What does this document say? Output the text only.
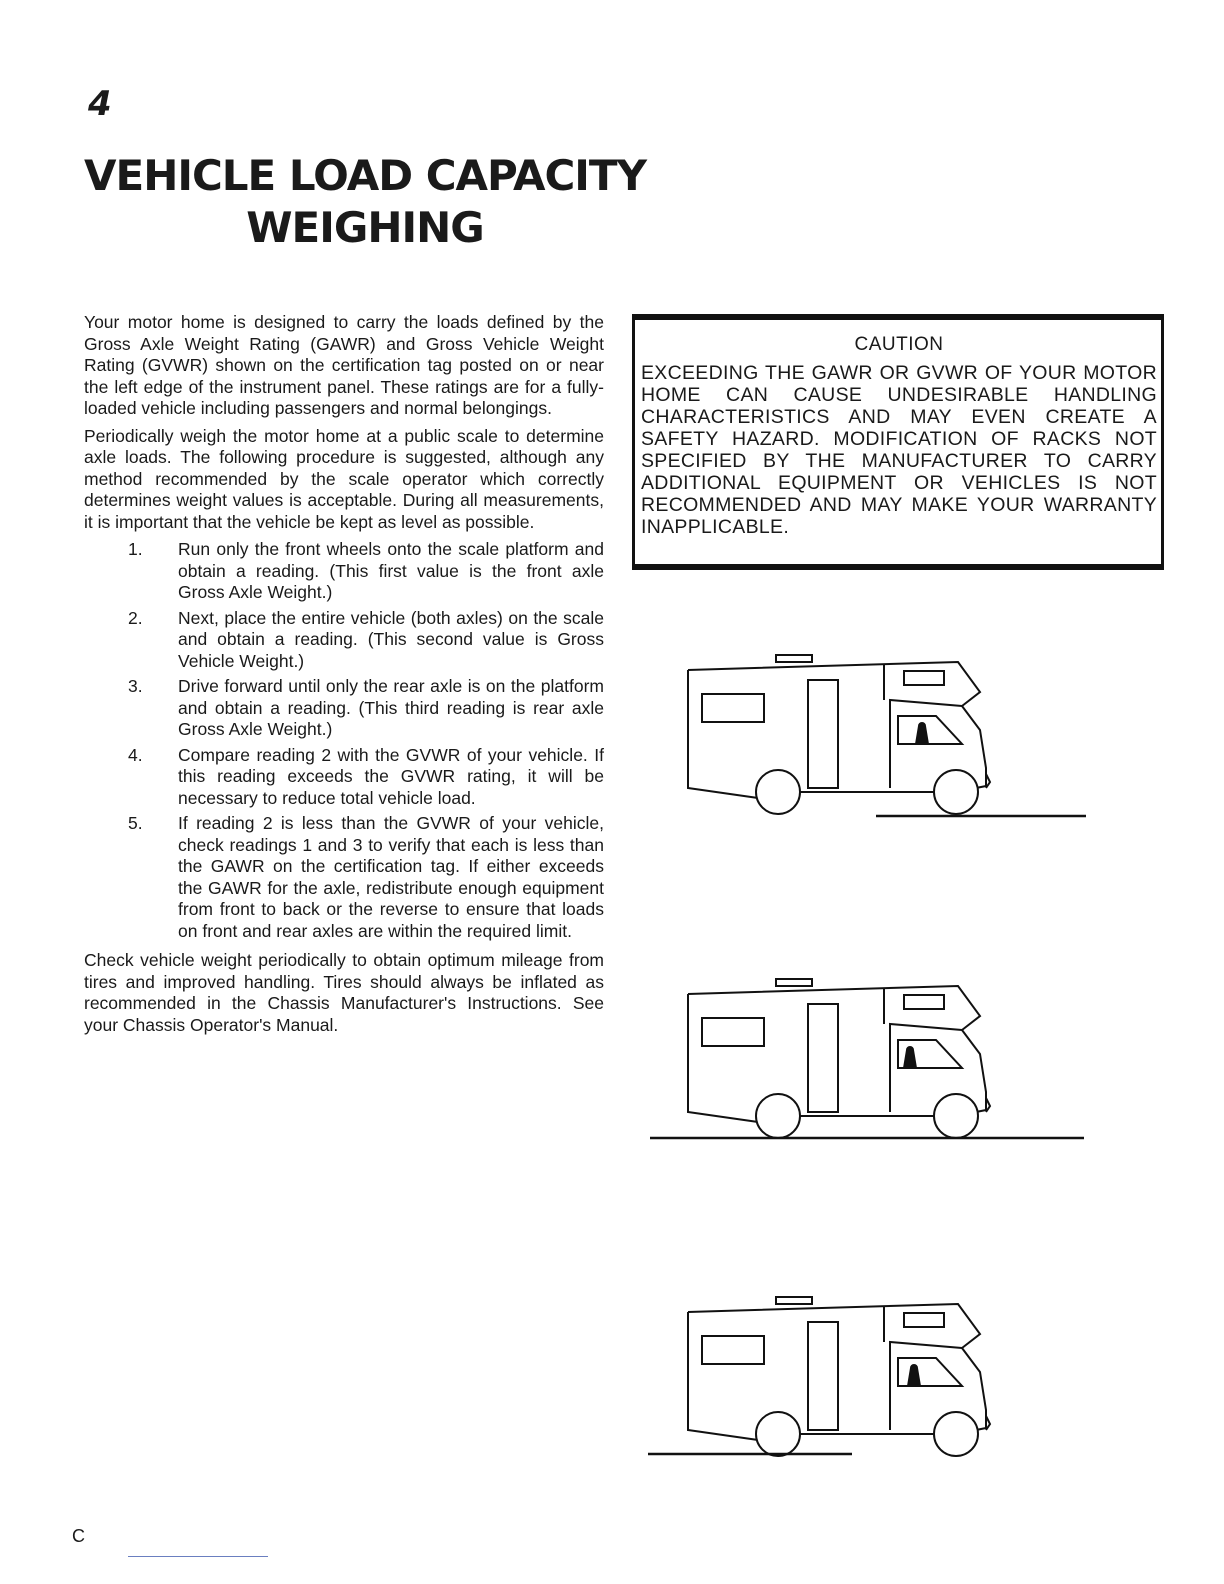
4
VEHICLE LOAD CAPACITY
WEIGHING

Your motor home is designed to carry the loads defined by the Gross Axle Weight Rating (GAWR) and Gross Vehicle Weight Rating (GVWR) shown on the certification tag posted on or near the left edge of the instrument panel. These ratings are for a fully-loaded vehicle including passengers and normal belongings.

Periodically weigh the motor home at a public scale to determine axle loads. The following procedure is suggested, although any method recommended by the scale operator which correctly determines weight values is acceptable. During all measurements, it is important that the vehicle be kept as level as possible.

1. Run only the front wheels onto the scale platform and obtain a reading. (This first value is the front axle Gross Axle Weight.)
2. Next, place the entire vehicle (both axles) on the scale and obtain a reading. (This second value is Gross Vehicle Weight.)
3. Drive forward until only the rear axle is on the platform and obtain a reading. (This third reading is rear axle Gross Axle Weight.)
4. Compare reading 2 with the GVWR of your vehicle. If this reading exceeds the GVWR rating, it will be necessary to reduce total vehicle load.
5. If reading 2 is less than the GVWR of your vehicle, check readings 1 and 3 to verify that each is less than the GAWR on the certification tag. If either exceeds the GAWR for the axle, redistribute enough equipment from front to back or the reverse to ensure that loads on front and rear axles are within the required limit.

Check vehicle weight periodically to obtain optimum mileage from tires and improved handling. Tires should always be inflated as recommended in the Chassis Manufacturer's Instructions. See your Chassis Operator's Manual.

CAUTION
EXCEEDING THE GAWR OR GVWR OF YOUR MOTOR HOME CAN CAUSE UNDESIRABLE HANDLING CHARACTERISTICS AND MAY EVEN CREATE A SAFETY HAZARD. MODIFICATION OF RACKS NOT SPECIFIED BY THE MANUFACTURER TO CARRY ADDITIONAL EQUIPMENT OR VEHICLES IS NOT RECOMMENDED AND MAY MAKE YOUR WARRANTY INAPPLICABLE.
C
